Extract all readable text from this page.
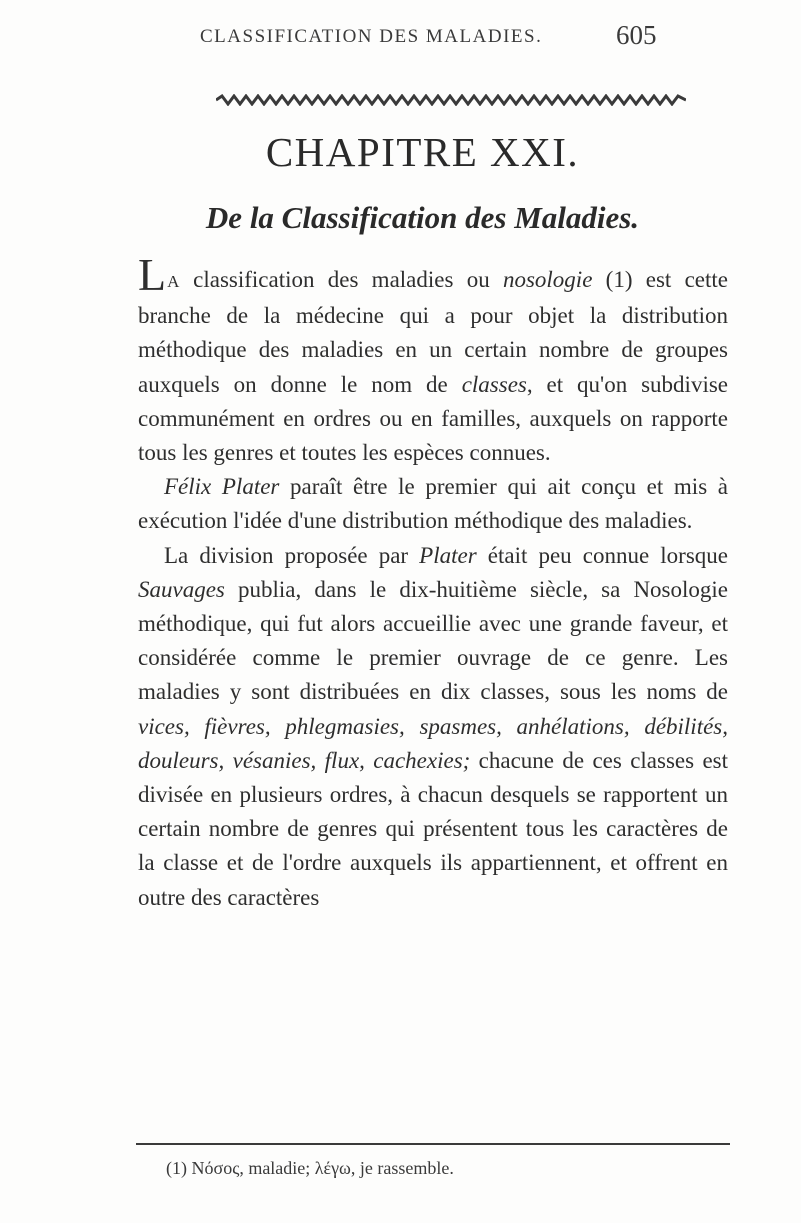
CLASSIFICATION DES MALADIES.	605
CHAPITRE XXI.
De la Classification des Maladies.

LA classification des maladies ou nosologie (1) est cette branche de la médecine qui a pour objet la distribution méthodique des maladies en un certain nombre de groupes auxquels on donne le nom de classes, et qu'on subdivise communément en ordres ou en familles, auxquels on rapporte tous les genres et toutes les espèces connues.

Félix Plater paraît être le premier qui ait conçu et mis à exécution l'idée d'une distribution méthodique des maladies.

La division proposée par Plater était peu connue lorsque Sauvages publia, dans le dix-huitième siècle, sa Nosologie méthodique, qui fut alors accueillie avec une grande faveur, et considérée comme le premier ouvrage de ce genre. Les maladies y sont distribuées en dix classes, sous les noms de vices, fièvres, phlegmasies, spasmes, anhélations, débilités, douleurs, vésanies, flux, cachexies; chacune de ces classes est divisée en plusieurs ordres, à chacun desquels se rapportent un certain nombre de genres qui présentent tous les caractères de la classe et de l'ordre auxquels ils appartiennent, et offrent en outre des caractères

(1) Νόσος, maladie; λέγω, je rassemble.
